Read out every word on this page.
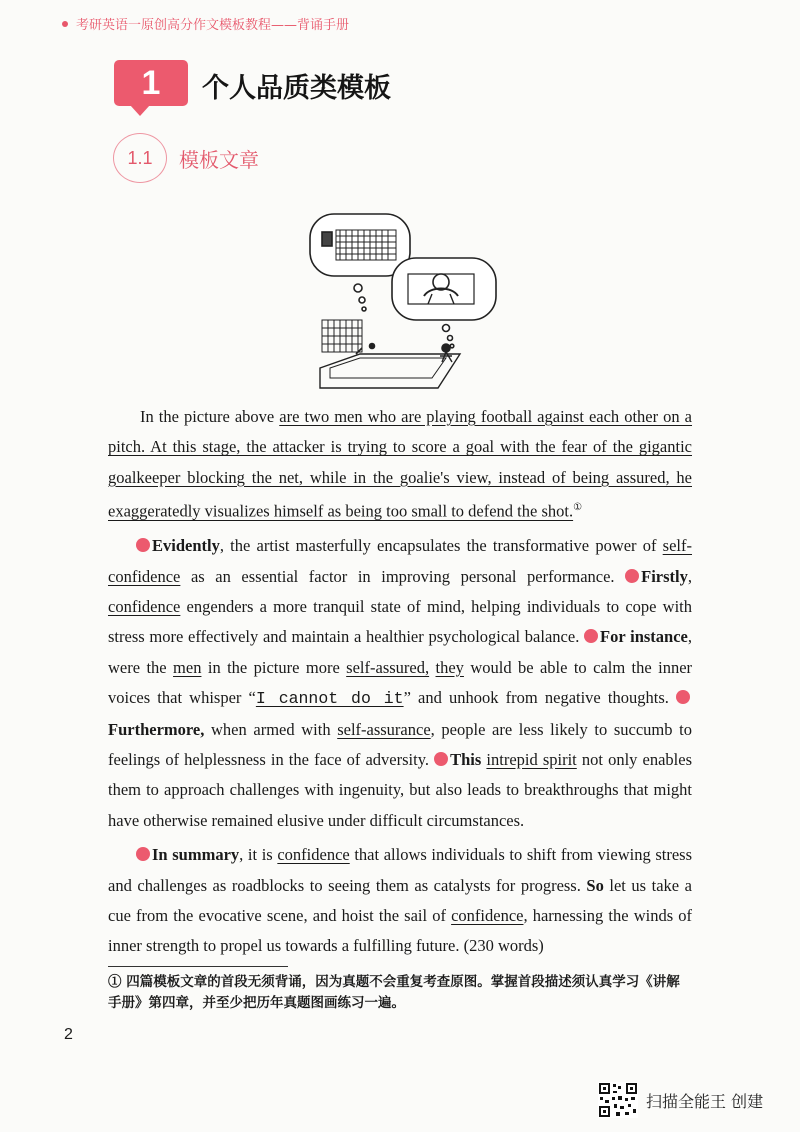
考研英语一原创高分作文模板教程——背诵手册
1 个人品质类模板
1.1 模板文章

In the picture above are two men who are playing football against each other on a pitch. At this stage, the attacker is trying to score a goal with the fear of the gigantic goalkeeper blocking the net, while in the goalie's view, instead of being assured, he exaggeratedly visualizes himself as being too small to defend the shot.①

Evidently, the artist masterfully encapsulates the transformative power of self-confidence as an essential factor in improving personal performance. Firstly, confidence engenders a more tranquil state of mind, helping individuals to cope with stress more effectively and maintain a healthier psychological balance. For instance, were the men in the picture more self-assured, they would be able to calm the inner voices that whisper “I cannot do it” and unhook from negative thoughts. Furthermore, when armed with self-assurance, people are less likely to succumb to feelings of helplessness in the face of adversity. This intrepid spirit not only enables them to approach challenges with ingenuity, but also leads to breakthroughs that might have otherwise remained elusive under difficult circumstances.

In summary, it is confidence that allows individuals to shift from viewing stress and challenges as roadblocks to seeing them as catalysts for progress. So let us take a cue from the evocative scene, and hoist the sail of confidence, harnessing the winds of inner strength to propel us towards a fulfilling future. (230 words)

① 四篇模板文章的首段无须背诵，因为真题不会重复考查原图。掌握首段描述须认真学习《讲解手册》第四章，并至少把历年真题图画练习一遍。
2
扫描全能王 创建
